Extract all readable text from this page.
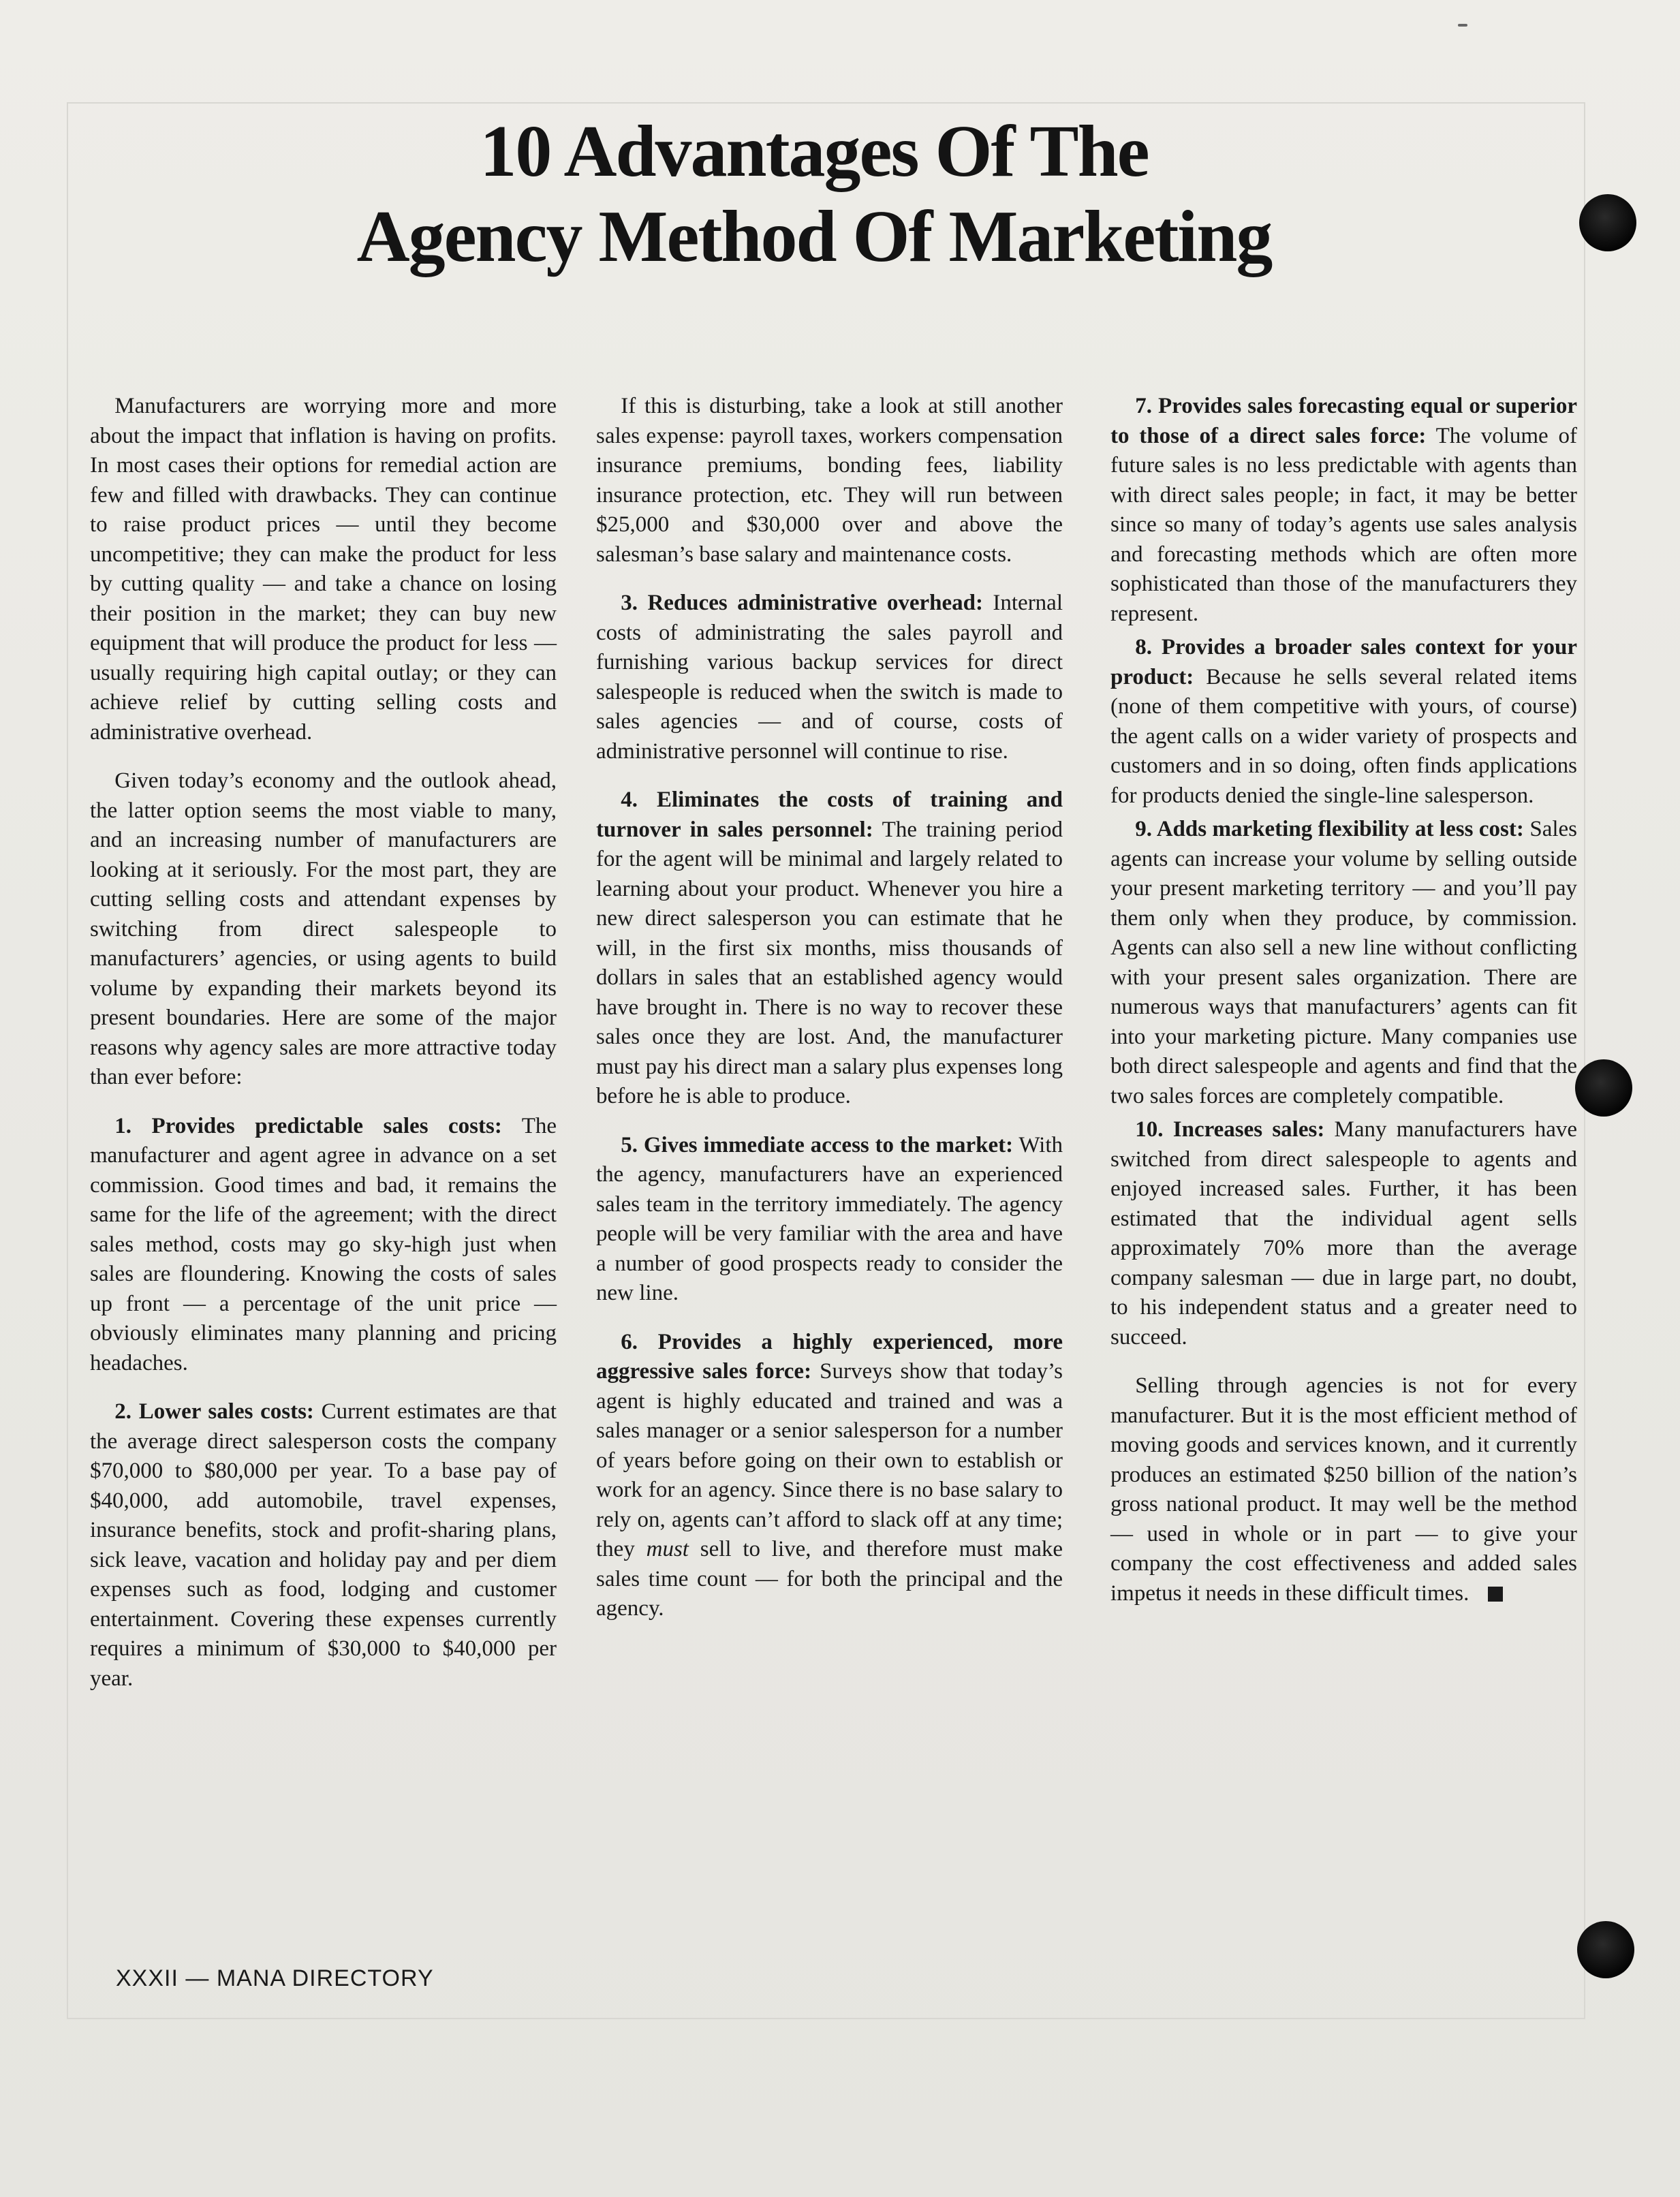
10 Advantages Of The
Agency Method Of Marketing

Manufacturers are worrying more and more about the impact that inflation is having on profits. In most cases their options for remedial action are few and filled with drawbacks. They can continue to raise product prices — until they become uncompetitive; they can make the product for less by cutting quality — and take a chance on losing their position in the market; they can buy new equipment that will produce the product for less — usually requiring high capital outlay; or they can achieve relief by cutting selling costs and administrative overhead.

Given today’s economy and the outlook ahead, the latter option seems the most viable to many, and an increasing number of manufacturers are looking at it seriously. For the most part, they are cutting selling costs and attendant expenses by switching from direct salespeople to manufacturers’ agencies, or using agents to build volume by expanding their markets beyond its present boundaries. Here are some of the major reasons why agency sales are more attractive today than ever before:

1. Provides predictable sales costs: The manufacturer and agent agree in advance on a set commission. Good times and bad, it remains the same for the life of the agreement; with the direct sales method, costs may go sky-high just when sales are floundering. Knowing the costs of sales up front — a percentage of the unit price — obviously eliminates many planning and pricing headaches.

2. Lower sales costs: Current estimates are that the average direct salesperson costs the company $70,000 to $80,000 per year. To a base pay of $40,000, add automobile, travel expenses, insurance benefits, stock and profit-sharing plans, sick leave, vacation and holiday pay and per diem expenses such as food, lodging and customer entertainment. Covering these expenses currently requires a minimum of $30,000 to $40,000 per year.

If this is disturbing, take a look at still another sales expense: payroll taxes, workers compensation insurance premiums, bonding fees, liability insurance protection, etc. They will run between $25,000 and $30,000 over and above the salesman’s base salary and maintenance costs.

3. Reduces administrative overhead: Internal costs of administrating the sales payroll and furnishing various backup services for direct salespeople is reduced when the switch is made to sales agencies — and of course, costs of administrative personnel will continue to rise.

4. Eliminates the costs of training and turnover in sales personnel: The training period for the agent will be minimal and largely related to learning about your product. Whenever you hire a new direct salesperson you can estimate that he will, in the first six months, miss thousands of dollars in sales that an established agency would have brought in. There is no way to recover these sales once they are lost. And, the manufacturer must pay his direct man a salary plus expenses long before he is able to produce.

5. Gives immediate access to the market: With the agency, manufacturers have an experienced sales team in the territory immediately. The agency people will be very familiar with the area and have a number of good prospects ready to consider the new line.

6. Provides a highly experienced, more aggressive sales force: Surveys show that today’s agent is highly educated and trained and was a sales manager or a senior salesperson for a number of years before going on their own to establish or work for an agency. Since there is no base salary to rely on, agents can’t afford to slack off at any time; they must sell to live, and therefore must make sales time count — for both the principal and the agency.

7. Provides sales forecasting equal or superior to those of a direct sales force: The volume of future sales is no less predictable with agents than with direct sales people; in fact, it may be better since so many of today’s agents use sales analysis and forecasting methods which are often more sophisticated than those of the manufacturers they represent.

8. Provides a broader sales context for your product: Because he sells several related items (none of them competitive with yours, of course) the agent calls on a wider variety of prospects and customers and in so doing, often finds applications for products denied the single-line salesperson.

9. Adds marketing flexibility at less cost: Sales agents can increase your volume by selling outside your present marketing territory — and you’ll pay them only when they produce, by commission. Agents can also sell a new line without conflicting with your present sales organization. There are numerous ways that manufacturers’ agents can fit into your marketing picture. Many companies use both direct salespeople and agents and find that the two sales forces are completely compatible.

10. Increases sales: Many manufacturers have switched from direct salespeople to agents and enjoyed increased sales. Further, it has been estimated that the individual agent sells approximately 70% more than the average company salesman — due in large part, no doubt, to his independent status and a greater need to succeed.

Selling through agencies is not for every manufacturer. But it is the most efficient method of moving goods and services known, and it currently produces an estimated $250 billion of the nation’s gross national product. It may well be the method — used in whole or in part — to give your company the cost effectiveness and added sales impetus it needs in these difficult times.

XXXII — MANA DIRECTORY
